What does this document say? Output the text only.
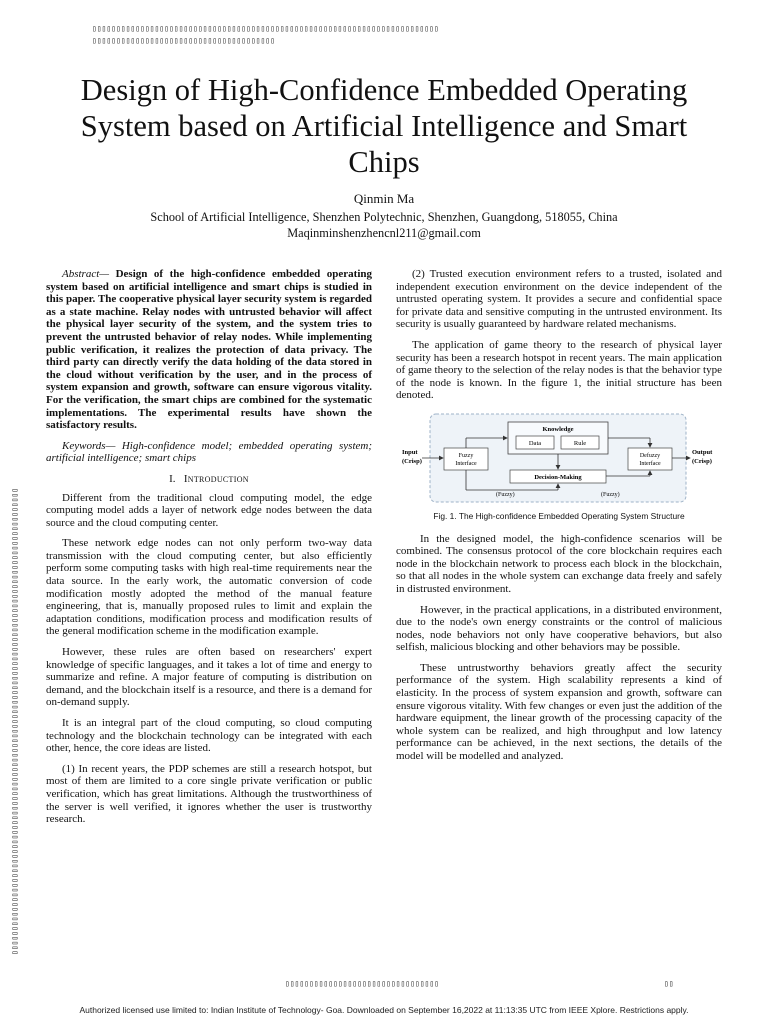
▯▯▯▯▯▯▯▯▯▯▯▯▯▯▯▯▯▯▯▯▯▯▯▯▯▯▯▯▯▯▯▯▯▯▯▯▯▯▯▯▯▯▯▯▯▯▯▯▯▯▯▯▯▯▯▯▯▯▯▯▯▯▯▯▯▯▯▯▯▯▯▯
▯▯▯▯▯▯▯▯▯▯▯▯▯▯▯▯▯▯▯▯▯▯▯▯▯▯▯▯▯▯▯▯▯▯▯▯▯▯
▯▯▯▯▯▯▯▯▯▯▯▯▯▯▯▯▯▯▯▯▯▯▯▯▯▯▯▯▯▯▯▯▯▯▯▯▯▯▯▯▯▯▯▯▯▯▯▯▯▯▯▯▯▯▯▯▯▯▯▯▯▯▯▯▯▯▯▯▯▯▯▯▯▯▯▯▯▯▯▯▯▯▯▯▯▯▯▯▯▯▯▯▯▯▯▯▯
Design of High-Confidence Embedded Operating System based on Artificial Intelligence and Smart Chips
Qinmin Ma
School of Artificial Intelligence, Shenzhen Polytechnic, Shenzhen, Guangdong, 518055, China
Maqinminshenzhencnl211@gmail.com

Abstract— Design of the high-confidence embedded operating system based on artificial intelligence and smart chips is studied in this paper. The cooperative physical layer security system is regarded as a state machine. Relay nodes with untrusted behavior will affect the physical layer security of the system, and the system tries to prevent the untrusted behavior of relay nodes. While implementing public verification, it realizes the protection of data privacy. The third party can directly verify the data holding of the data stored in the cloud without verification by the user, and in the process of system expansion and growth, software can ensure vigorous vitality. For the verification, the smart chips are combined for the systematic implementations. The experimental results have shown the satisfactory results.

Keywords— High-confidence model; embedded operating system; artificial intelligence; smart chips

I. Introduction

Different from the traditional cloud computing model, the edge computing model adds a layer of network edge nodes between the data source and the cloud computing center.

These network edge nodes can not only perform two-way data transmission with the cloud computing center, but also efficiently perform some computing tasks with high real-time requirements near the data source. In the early work, the automatic conversion of code modification mostly adopted the method of the manual feature engineering, that is, manually proposed rules to limit and explain the adaptation conditions, modification process and modification results of the general modification scheme in the modification example.

However, these rules are often based on researchers' expert knowledge of specific languages, and it takes a lot of time and energy to summarize and refine. A major feature of computing is distribution on demand, and the blockchain itself is a resource, and there is a demand for on-demand supply.

It is an integral part of the cloud computing, so cloud computing technology and the blockchain technology can be integrated with each other, hence, the core ideas are listed.

(1) In recent years, the PDP schemes are still a research hotspot, but most of them are limited to a core single private verification or public verification, which has great limitations. Although the trustworthiness of the server is well verified, it ignores whether the user is trustworthy research.

(2) Trusted execution environment refers to a trusted, isolated and independent execution environment on the device independent of the untrusted operating system. It provides a secure and confidential space for private data and sensitive computing in the untrusted environment. Its security is usually guaranteed by hardware related mechanisms.

The application of game theory to the research of physical layer security has been a research hotspot in recent years. The main application of game theory to the selection of the relay nodes is that the behavior type of the node is known. In the figure 1, the initial structure has been denoted.

Knowledge
Data	Rule
Fuzzy
Interface
Defuzzy
Interface
Decision-Making
Input
(Crisp)
Output
(Crisp)
(Fuzzy)	(Fuzzy)
Fig. 1. The High-confidence Embedded Operating System Structure

In the designed model, the high-confidence scenarios will be combined. The consensus protocol of the core blockchain requires each node in the blockchain network to process each block in the blockchain, so that all nodes in the whole system can exchange data freely and safely in distrusted environment.

However, in the practical applications, in a distributed environment, due to the node's own energy constraints or the control of malicious nodes, node behaviors not only have cooperative behaviors, but also selfish, malicious blocking and other behaviors may be possible.

These untrustworthy behaviors greatly affect the security performance of the system. High scalability represents a kind of elasticity. In the process of system expansion and growth, software can ensure vigorous vitality. With few changes or even just the addition of the hardware equipment, the linear growth of the processing capacity of the whole system can be realized, and high throughput and low latency performance can be achieved, in the next sections, the details of the model will be modelled and analyzed.

▯▯▯▯▯▯▯▯▯▯▯▯▯▯▯▯▯▯▯▯▯▯▯▯▯▯▯▯▯▯▯▯	▯▯
Authorized licensed use limited to: Indian Institute of Technology- Goa. Downloaded on September 16,2022 at 11:13:35 UTC from IEEE Xplore. Restrictions apply.
